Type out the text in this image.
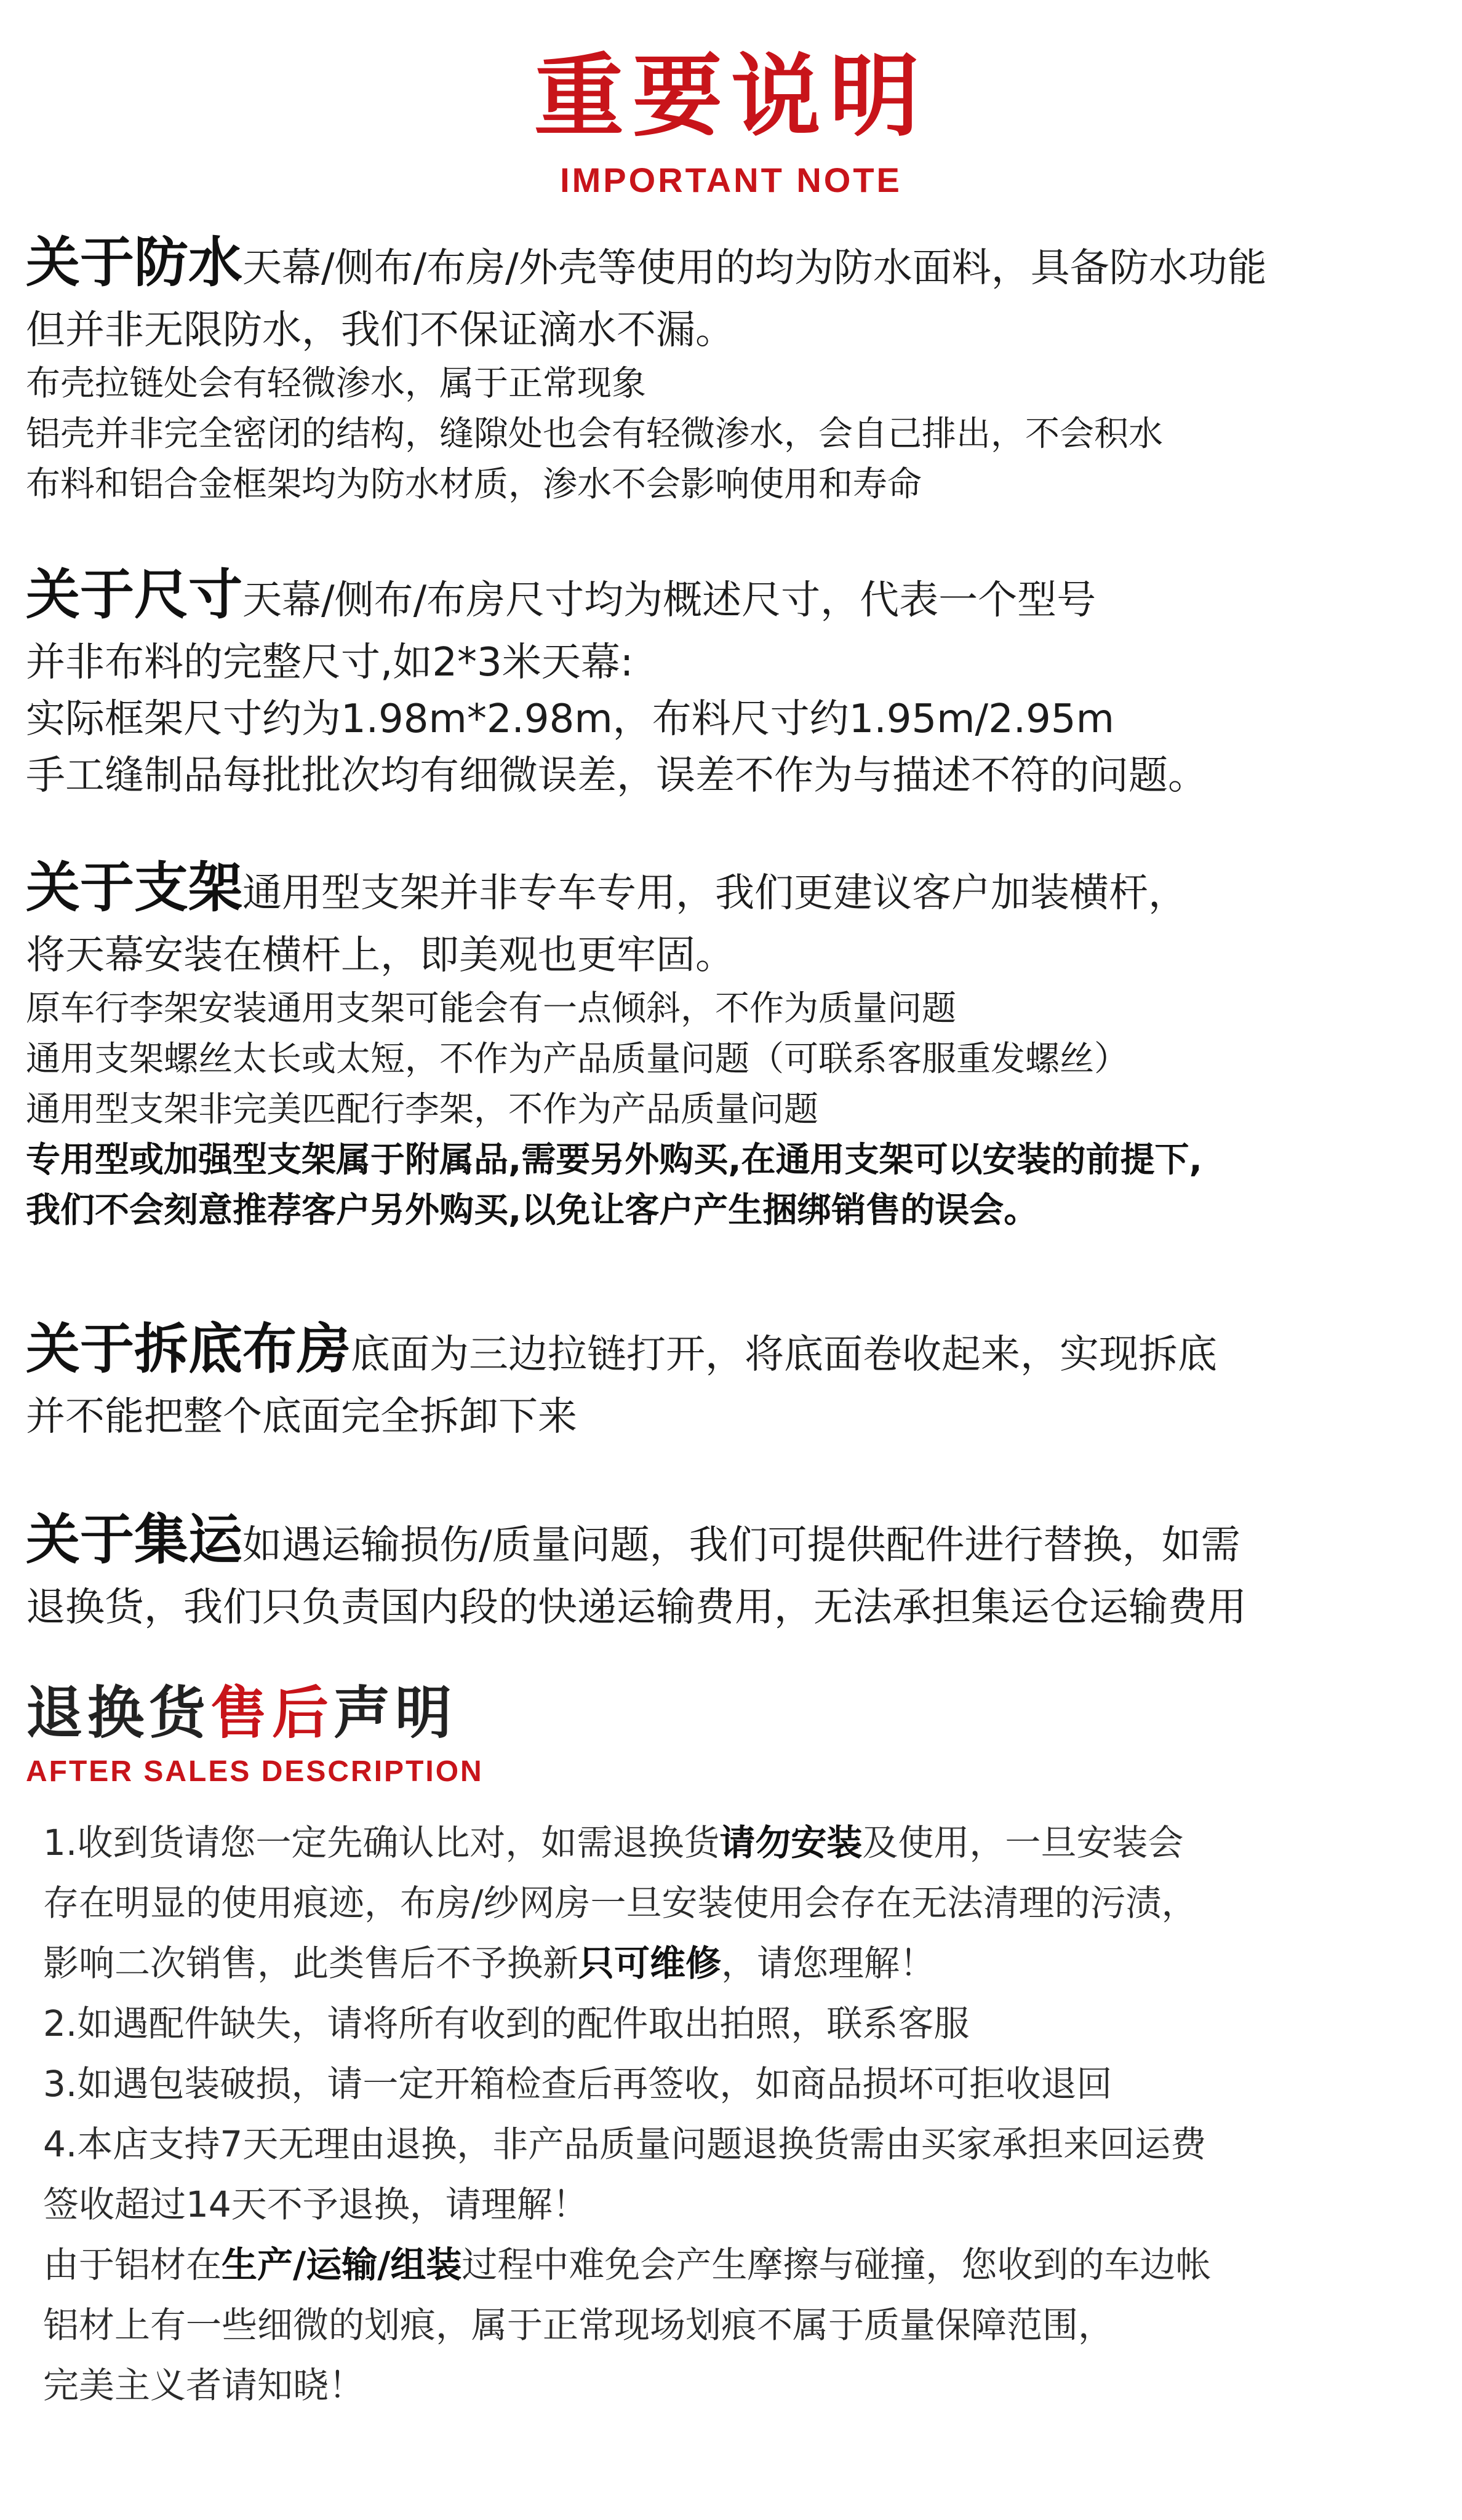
重要说明
IMPORTANT NOTE
关于防水天幕/侧布/布房/外壳等使用的均为防水面料，具备防水功能
但并非无限防水，我们不保证滴水不漏。
布壳拉链处会有轻微渗水，属于正常现象
铝壳并非完全密闭的结构，缝隙处也会有轻微渗水，会自己排出，不会积水
布料和铝合金框架均为防水材质，渗水不会影响使用和寿命
关于尺寸天幕/侧布/布房尺寸均为概述尺寸，代表一个型号
并非布料的完整尺寸,如2*3米天幕:
实际框架尺寸约为1.98m*2.98m，布料尺寸约1.95m/2.95m
手工缝制品每批批次均有细微误差，误差不作为与描述不符的问题。
关于支架通用型支架并非专车专用，我们更建议客户加装横杆，
将天幕安装在横杆上，即美观也更牢固。
原车行李架安装通用支架可能会有一点倾斜，不作为质量问题
通用支架螺丝太长或太短，不作为产品质量问题（可联系客服重发螺丝）
通用型支架非完美匹配行李架，不作为产品质量问题
专用型或加强型支架属于附属品,需要另外购买,在通用支架可以安装的前提下,
我们不会刻意推荐客户另外购买,以免让客户产生捆绑销售的误会。
关于拆底布房底面为三边拉链打开，将底面卷收起来，实现拆底
并不能把整个底面完全拆卸下来
关于集运如遇运输损伤/质量问题，我们可提供配件进行替换，如需
退换货，我们只负责国内段的快递运输费用，无法承担集运仓运输费用
退换货售后声明
AFTER SALES DESCRIPTION
1.收到货请您一定先确认比对，如需退换货请勿安装及使用，一旦安装会
存在明显的使用痕迹，布房/纱网房一旦安装使用会存在无法清理的污渍，
影响二次销售，此类售后不予换新只可维修，请您理解！
2.如遇配件缺失，请将所有收到的配件取出拍照，联系客服
3.如遇包装破损，请一定开箱检查后再签收，如商品损坏可拒收退回
4.本店支持7天无理由退换，非产品质量问题退换货需由买家承担来回运费
签收超过14天不予退换，请理解！
由于铝材在生产/运输/组装过程中难免会产生摩擦与碰撞，您收到的车边帐
铝材上有一些细微的划痕，属于正常现场划痕不属于质量保障范围，
完美主义者请知晓！
